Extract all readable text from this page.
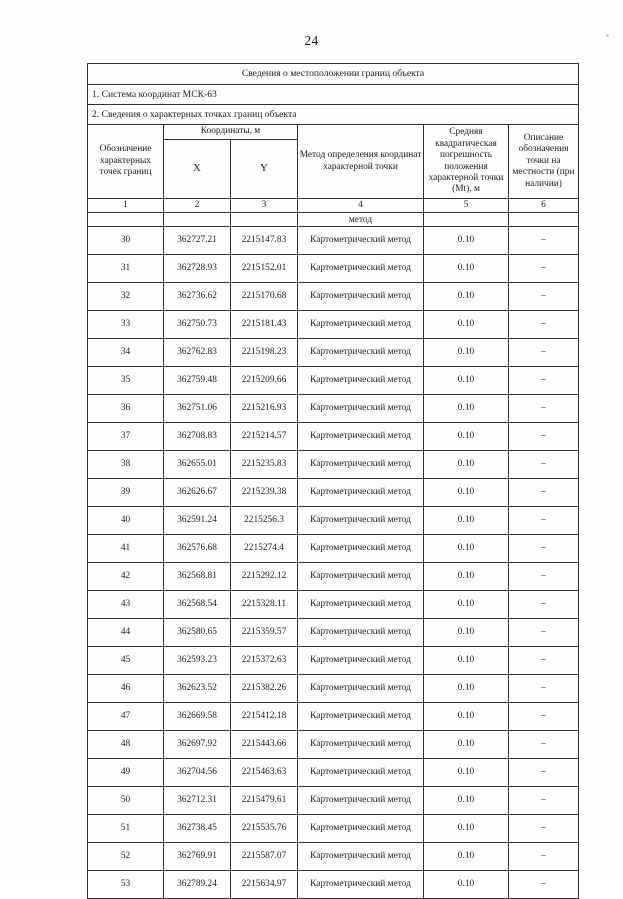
24
Сведения о местоположении границ объекта					
1. Система координат МСК-63					
2. Сведения о характерных точках границ объекта					
Обозначение характерных точек границ	Координаты, м		Метод определения координат характерной точки	Средняя квадратическая погрешность положения характерной точки (Mt), м	Описание обозначения точки на местности (при наличии)
	X	Y			
1	2	3	4	5	6
			метод		
30	362727.21	2215147.83	Картометрический метод	0.10	–
31	362728.93	2215152.01	Картометрический метод	0.10	–
32	362736.62	2215170.68	Картометрический метод	0.10	–
33	362750.73	2215181.43	Картометрический метод	0.10	–
34	362762.83	2215198.23	Картометрический метод	0.10	–
35	362759.48	2215209.66	Картометрический метод	0.10	–
36	362751.06	2215216.93	Картометрический метод	0.10	–
37	362708.83	2215214.57	Картометрический метод	0.10	–
38	362655.01	2215235.83	Картометрический метод	0.10	–
39	362626.67	2215239.38	Картометрический метод	0.10	–
40	362591.24	2215256.3	Картометрический метод	0.10	–
41	362576.68	2215274.4	Картометрический метод	0.10	–
42	362568.81	2215292.12	Картометрический метод	0.10	–
43	362568.54	2215328.11	Картометрический метод	0.10	–
44	362580.65	2215359.57	Картометрический метод	0.10	–
45	362593.23	2215372.63	Картометрический метод	0.10	–
46	362623.52	2215382.26	Картометрический метод	0.10	–
47	362669.58	2215412.18	Картометрический метод	0.10	–
48	362697.92	2215443.66	Картометрический метод	0.10	–
49	362704.56	2215463.63	Картометрический метод	0.10	–
50	362712.31	2215479.61	Картометрический метод	0.10	–
51	362738.45	2215535.76	Картометрический метод	0.10	–
52	362769.91	2215587.07	Картометрический метод	0.10	–
53	362789.24	2215634.97	Картометрический метод	0.10	–
